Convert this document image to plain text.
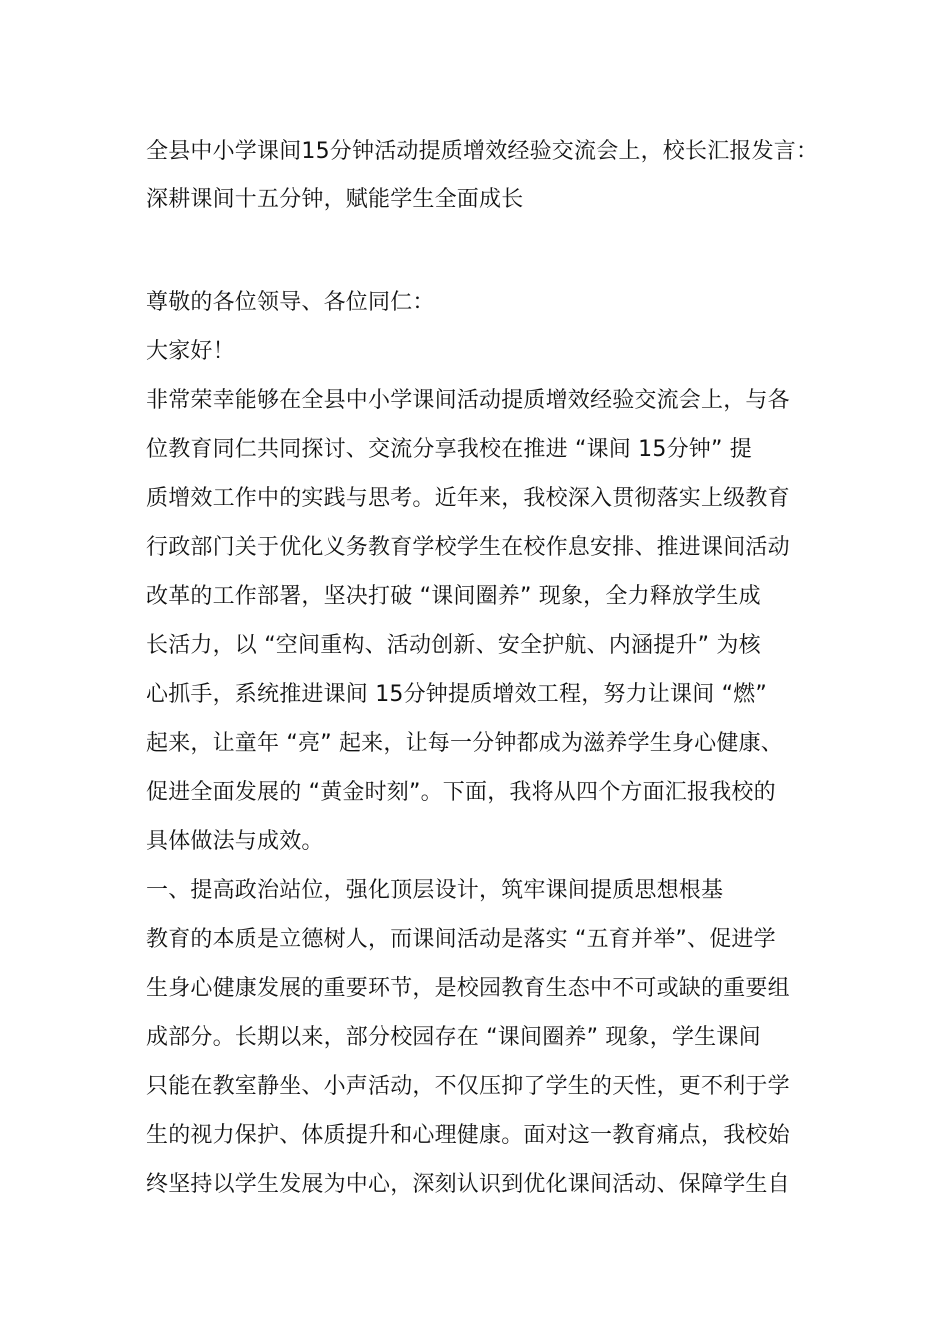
全县中小学课间15分钟活动提质增效经验交流会上，校长汇报发言：
深耕课间十五分钟，赋能学生全面成长
尊敬的各位领导、各位同仁：
大家好！
非常荣幸能够在全县中小学课间活动提质增效经验交流会上，与各
位教育同仁共同探讨、交流分享我校在推进 “课间 15分钟” 提
质增效工作中的实践与思考。近年来，我校深入贯彻落实上级教育
行政部门关于优化义务教育学校学生在校作息安排、推进课间活动
改革的工作部署，坚决打破 “课间圈养” 现象，全力释放学生成
长活力，以 “空间重构、活动创新、安全护航、内涵提升” 为核
心抓手，系统推进课间 15分钟提质增效工程，努力让课间 “燃”
起来，让童年 “亮” 起来，让每一分钟都成为滋养学生身心健康、
促进全面发展的 “黄金时刻”。下面，我将从四个方面汇报我校的
具体做法与成效。
一、提高政治站位，强化顶层设计，筑牢课间提质思想根基
教育的本质是立德树人，而课间活动是落实 “五育并举”、促进学
生身心健康发展的重要环节，是校园教育生态中不可或缺的重要组
成部分。长期以来，部分校园存在 “课间圈养” 现象，学生课间
只能在教室静坐、小声活动，不仅压抑了学生的天性，更不利于学
生的视力保护、体质提升和心理健康。面对这一教育痛点，我校始
终坚持以学生发展为中心，深刻认识到优化课间活动、保障学生自
